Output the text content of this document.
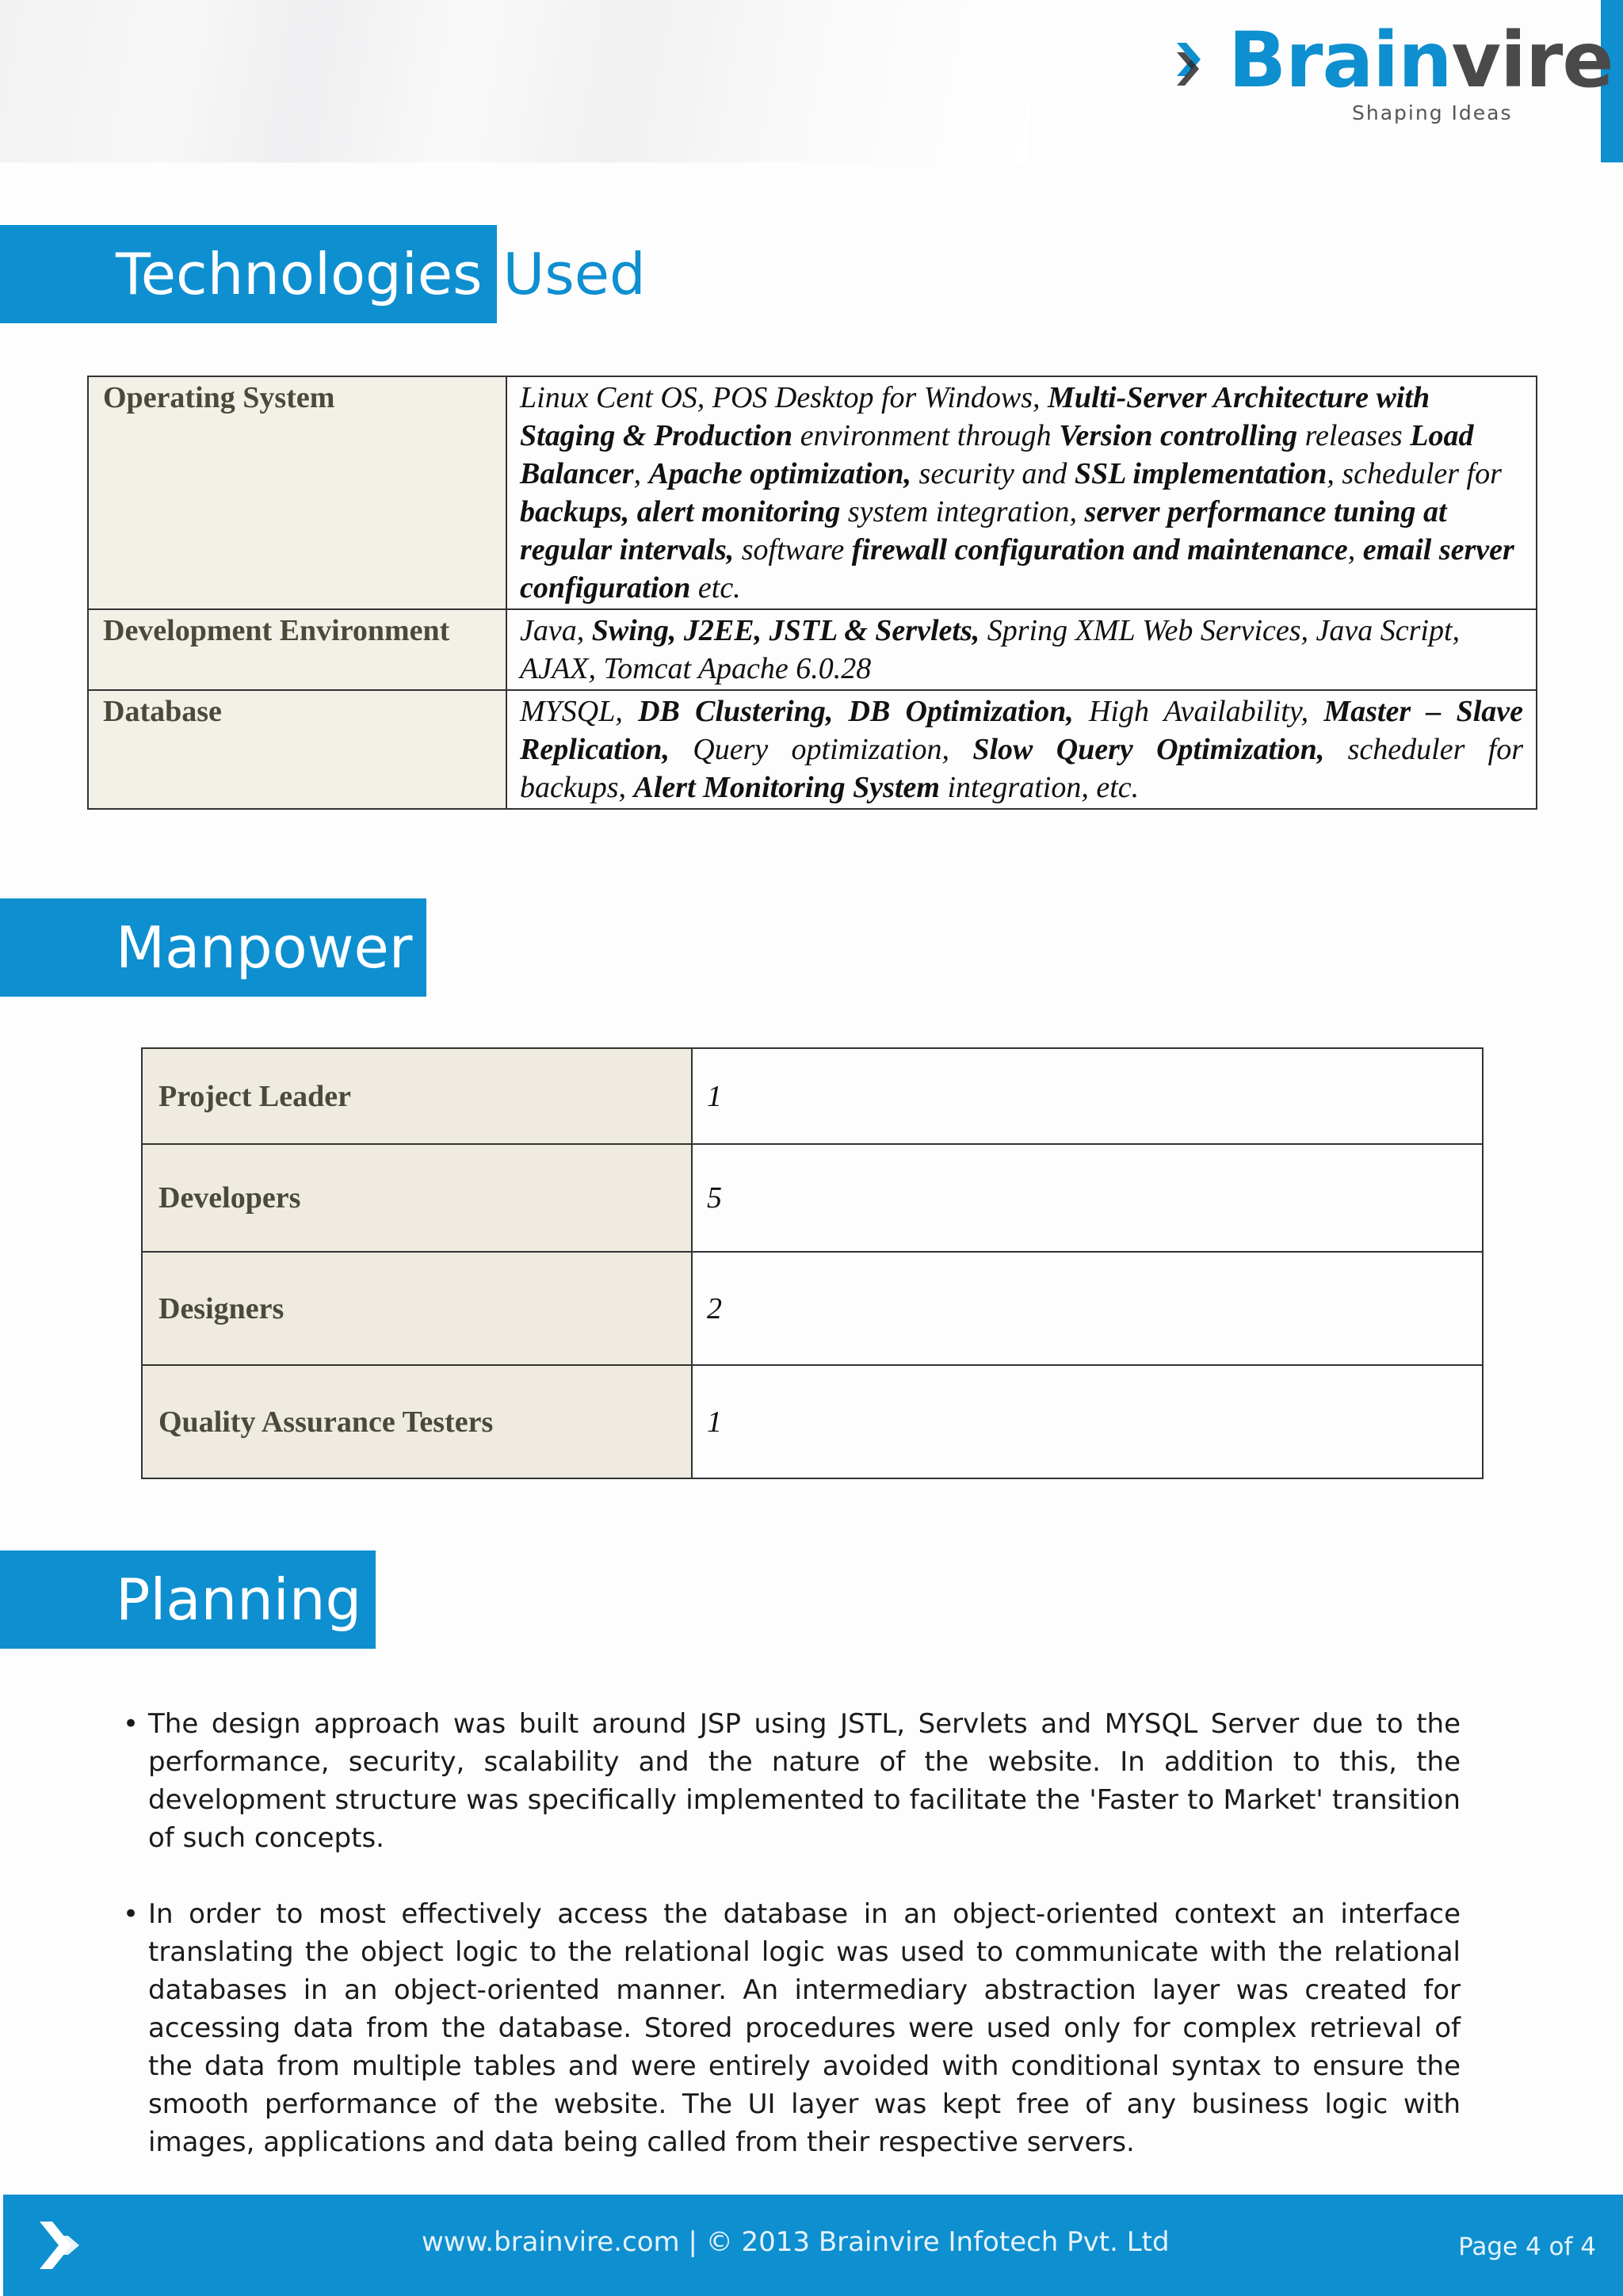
Brainvire
Shaping Ideas
Technologies Used
Operating System	Linux Cent OS, POS Desktop for Windows, Multi-Server Architecture with Staging & Production environment through Version controlling releases Load Balancer, Apache optimization, security and SSL implementation, scheduler for backups, alert monitoring system integration, server performance tuning at regular intervals, software firewall configuration and maintenance, email server configuration etc.
Development Environment	Java, Swing, J2EE, JSTL & Servlets, Spring XML Web Services, Java Script, AJAX, Tomcat Apache 6.0.28
Database	MYSQL, DB Clustering, DB Optimization, High Availability, Master – Slave Replication, Query optimization, Slow Query Optimization, scheduler for backups, Alert Monitoring System integration, etc.
Manpower
Project Leader	1
Developers	5
Designers	2
Quality Assurance Testers	1
Planning
• The design approach was built around JSP using JSTL, Servlets and MYSQL Server due to the performance, security, scalability and the nature of the website. In addition to this, the development structure was specifically implemented to facilitate the 'Faster to Market' transition of such concepts.
• In order to most effectively access the database in an object-oriented context an interface translating the object logic to the relational logic was used to communicate with the relational databases in an object-oriented manner. An intermediary abstraction layer was created for accessing data from the database. Stored procedures were used only for complex retrieval of the data from multiple tables and were entirely avoided with conditional syntax to ensure the smooth performance of the website. The UI layer was kept free of any business logic with images, applications and data being called from their respective servers.
www.brainvire.com | © 2013 Brainvire Infotech Pvt. Ltd	Page 4 of 4
